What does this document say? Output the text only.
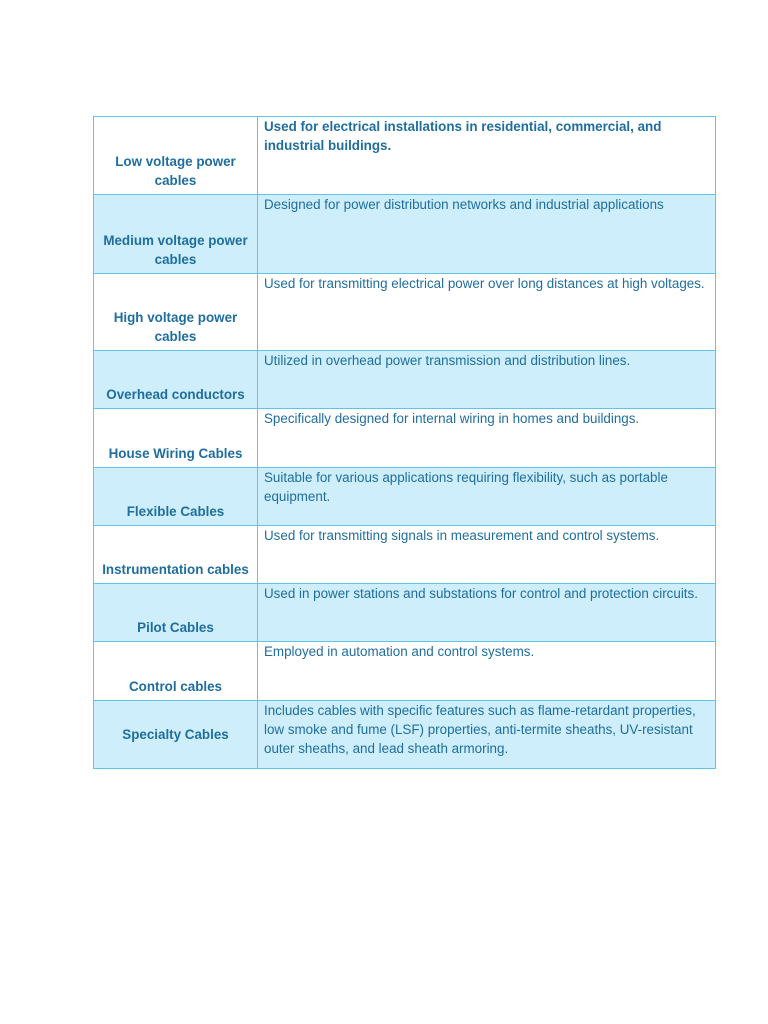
Low voltage power cables	Used for electrical installations in residential, commercial, and industrial buildings.
Medium voltage power cables	Designed for power distribution networks and industrial applications
High voltage power cables	Used for transmitting electrical power over long distances at high voltages.
Overhead conductors	Utilized in overhead power transmission and distribution lines.
House Wiring Cables	Specifically designed for internal wiring in homes and buildings.
Flexible Cables	Suitable for various applications requiring flexibility, such as portable equipment.
Instrumentation cables	Used for transmitting signals in measurement and control systems.
Pilot Cables	Used in power stations and substations for control and protection circuits.
Control cables	Employed in automation and control systems.
Specialty Cables	Includes cables with specific features such as flame-retardant properties, low smoke and fume (LSF) properties, anti-termite sheaths, UV-resistant outer sheaths, and lead sheath armoring.
